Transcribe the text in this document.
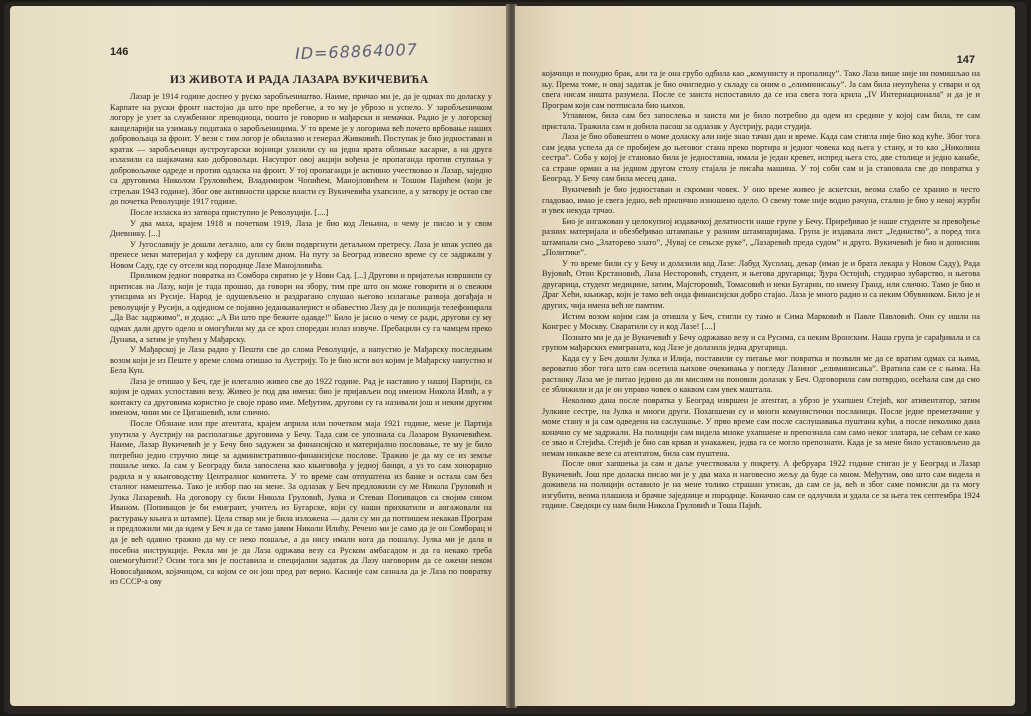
146	ID=68864007
ИЗ ЖИВОТА И РАДА ЛАЗАРА ВУКИЧЕВИЋА

Лазар је 1914 године доспео у руско заробљеништво. Наиме, причао ми је, да је одмах по доласку у Карпате на руски фронт настојао да што пре пребегне, а то му је уброзо и успело. У заробљеничком логору је узет за службенног преводиоца, пошто је говорио и мађарски и немачки. Радио је у логорској канцеларији на узимању података о заробљеницима. У то време је у логорима већ почето врбовање наших добровољаца за фронт. У вези с тим логор је обилазио и генерал Живковић. Поступак је био једноставан и кратак — заробљеници аустроугарски војници улазили су на једна врата облињке касарне, а на друга излазили са шајкачама као добровољци. Насупрот овој акцији вођена је пропаганда против ступања у добровољачке одреде и против одласка на фронт. У тој пропаганди је активно учествовао и Лазар, заједно са друговима Николом Груловићем, Владимиром Чопићем, Манојловићем и Тошом Пајићем (који је стрељан 1943 године). Због ове активности царске власти су Вукичевића ухапсиле, а у затвору је остао све до почетка Револуције 1917 године.

После изласка из затвора приступио је Револуцији. [....]

У два маха, крајем 1918 и почетком 1919, Лаза је био код Лењина, о чему је писао и у свом Дневнику. [...]

У Југославију је дошли легално, али су били подвргнути детаљном претресу. Лаза је ипак успео да пренесе неки материјал у коферу са дуплим дном. На путу за Београд извесно време су се задржали у Новом Саду, где су отсели код породице Лазе Манојловића.

Приликом једног повратка из Сомбора свратио је у Нови Сад. [...] Другови и пријатељи извршили су притисак на Лазу, који је тада прошао, да говори на збору, тим пре што он може говорити и о свежим утисцима из Русије. Народ је одушевљено и раздрагано слушао његово излагање развоја догађаја и револуције у Русији, а одједном се појавио једанкавалерист и обавестио Лазу да је полиција телефонирала „Да Вас задржимо”, и додао: „А Ви што пре бежите одавде!” Било је јасно о чему се ради, другови су му одмах дали друго одело и омогућили му да се кроз споредан излаз извуче. Пребацили су га чамцем преко Дунава, а затим је упућен у Мађарску.

У Мађарској је Лаза радио у Пешти све до слома Револуције, а напустио је Мађарску последњим возом који је из Пеште у време слома отишао за Аустрију. То је био исти воз којим је Мађарску напустио и Бела Кун.

Лаза је отишао у Беч, где је илегално живео све до 1922 године. Рад је наставио у нашој Партији, са којом је одмах успоставио везу. Живео је под два имена: био је пријављен под именом Никола Илић, а у контакту са друговима користио је своје право име. Међутим, другови су га називали још и неким другим именом, чини ми се Цигашевић, или слично.

После Обзнане или пре атентата, крајем априла или почетком маја 1921 године, мене је Партија упутила у Аустрију на располагање друговима у Бечу. Тада сам се упознала са Лазаром Вукичевићем. Наиме, Лазар Вукичевић је у Бечу био задужен за финансијско и материјално пословање, те му је било потребно једно стручно лице за административно-финансијске послове. Тражио је да му се из земље пошаље неко. Ја сам у Београду била запослена као књиговођа у једној банци, а уз то сам хонорарно радила и у књиговодству Централног комитета. У то време сам отпуштена из банке и остала сам без сталног намештења. Тако је избор пао на мене. За одлазак у Беч предложили су ме Никола Груловић и Јулка Лазаревић. На договору су били Никола Груловић, Јулка и Стеван Попивацов са својим сином Иваном. (Попивацов је би емигрант, учитељ из Бугарске, који су наши прихватили и ангажовали на растурању књига и штампе). Цела ствар ми је била изложена — дали су ми да потпишем некакав Програм и предложили ми да идем у Беч и да се тамо јавим Николи Илићу. Речено ми је само да је он Сомборац и да је већ одавно тражио да му се неко пошаље, а да нису имали кога да пошаљу. Јулка ми је дала и посебна инструкције. Рекла ми је да Лаза одржава везу са Руском амбасадом и да га некако треба онемогућити!? Осим тога ми је поставила и специјални задатак да Лазу наговорим да се ожени неком Новосађанком, којачицом, са којом се он још пред рат верио. Касније сам сазнала да је Лаза по повратку из СССР-а ову

147

којачици и понудио брак, али та је она грубо одбила као „комунисту и пропалицу”. Тако Лаза више није ни помишљао на њу. Према томе, и овај задатак је био очигледно у складу са оним о „елиминисању”. Ја сам била неупућена у ствари и од свега нисам ништа разумела. После се заиста испоставило да се иза свега тога крила „IV Интернационала” и да је и Програм који сам потписала био њихов.

Углавном, била сам без запослења и заиста ми је било потребно да одем из средине у којој сам била, те сам пристала. Тражила сам и добила пасош за одлазак у Аустрију, ради студија.

Лаза је био обавештен о моме доласку али није знао тачан дан и време. Када сам стигла није био код куће. Због тога сам једва успела да се пробијем до његовог стана преко портира и једног човека код њега у стану, и то као „Николина сестра”. Соба у којој је становао била је једноставна, имала је један кревет, испред њега сто, две столице и једно канабе, са стране орман а на једном другом столу стајала је писаћа машина. У тој соби сам и ја становала све до повратка у Београд. У Бечу сам била месец дана.

Вукичевић је био једноставан и скроман човек. У оно време живео је аскетски, веома слабо се хранио и често гладовао, имао је свега једно, већ прилично изношено одело. О свему томе није водио рачуна, стално је био у некој журби и увек некуда трчао.

Био је ангажован у целокупној издавачкој делатности наше групе у Бечу. Приређивао је наше студенте за превођење разних материјала и обезбеђивао штампање у разним штампаријама. Група је издавала лист „Јединство”, а поред тога штампали смо „Златорево злато”, „Чувај се сењске руке”, „Лазаревић преда судом” и друго. Вукичевић је био и дописник „Политике”.

У то време били су у Бечу и долазили код Лазе: Лабуд Хусолац, декар (имао је и брата лекара у Новом Саду), Рада Вујовић, Отон Крстановић, Лаза Несторовић, студент, и његова другарица; Ђура Остојић, студирао зубарство, и његова другарица, студент медицине, затим, Мајсторовић, Томасовић и неки Бугарин, по имену Гранд, или слично. Тамо је био и Драг Хећи, књижар, који је тамо већ онда финансијски добро стајао. Лаза је много радио и са неким Обувинком. Било је и других, чија имена већ не памтим.

Истим возом којим сам ја отишла у Беч, стигли су тамо и Сима Марковић и Павле Павловић. Они су ишли на Конгрес у Москву. Сваратили су и код Лазе! [....]

Познато ми је да је Вукичевић у Бечу одржавао везу и са Русима, са неким Вронским. Наша група је сарађивала и са групом мађарских емиграната, код Лазе је долазила једна другарица.

Када су у Беч дошли Јулка и Илија, поставили су питање мог повратка и позвали ме да се вратим одмах са њима, вероватно због тога што сам осетила њихове очекивања у погледу Лазиног „елиминисања”. Вратила сам се с њима. На растанку Лаза ме је питао једино да ли мислим на поновни долазак у Беч. Одговорила сам потврдно, осећала сам да смо се зближили и да је он управо човек о каквом сам увек маштала.

Неколико дана после повратка у Београд извршен је атентат, а убрзо је ухапшен Стејић, ког ативентатор, затим Јулкине сестре, па Јулка и многи други. Похапшени су и многи комунистички посланици. После једне преметачине у моме стану и ја сам одведена на саслушање. У прво време сам после саслушавања пуштана кући, а после неколико дана коначно су ме задржали. На полицији сам видела мноке ухапшене и препознала сам само неког златара, не сећам се како се звао и Стејића. Стејић је био сав крвав и унакажен, једва га се могло препознати. Када је за мене било установљено да немам никакве везе са атентатом, била сам пуштена.

После овог хапшења ја сам и даље учествовала у покрету. А фебруара 1922 године стигао је у Београд и Лазар Вукичевић. Још пре доласка писао ми је у два маха и наговесио жељу да буде са мном. Међутим, ово што сам видела и доживела на полицији оставило је на мене толико страшан утисак, да сам се ја, већ и због саме помисли да га могу изгубити, веома плашила и брачне заједнице и породице. Коначно сам се одлучила и удала се за њега тек септембра 1924 године. Сведоци су нам били Никола Груловић и Тоша Пајић.
